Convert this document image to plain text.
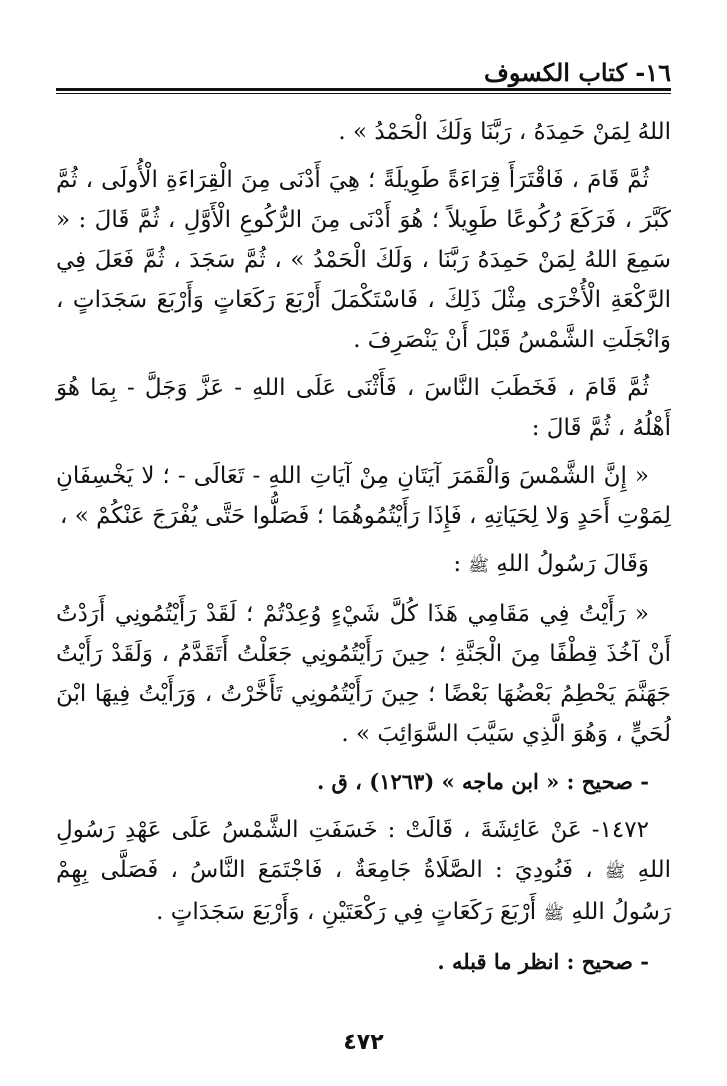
١٦- كتاب الكسوف

اللهُ لِمَنْ حَمِدَهُ ، رَبَّنَا وَلَكَ الْحَمْدُ » .

ثُمَّ قَامَ ، فَاقْتَرَأَ قِرَاءَةً طَوِيلَةً ؛ هِيَ أَدْنَى مِنَ الْقِرَاءَةِ الْأُولَى ، ثُمَّ كَبَّرَ ، فَرَكَعَ رُكُوعًا طَوِيلاً ؛ هُوَ أَدْنَى مِنَ الرُّكُوعِ الْأَوَّلِ ، ثُمَّ قَالَ : « سَمِعَ اللهُ لِمَنْ حَمِدَهُ رَبَّنَا ، وَلَكَ الْحَمْدُ » ، ثُمَّ سَجَدَ ، ثُمَّ فَعَلَ فِي الرَّكْعَةِ الْأُخْرَى مِثْلَ ذَلِكَ ، فَاسْتَكْمَلَ أَرْبَعَ رَكَعَاتٍ وَأَرْبَعَ سَجَدَاتٍ ، وَانْجَلَتِ الشَّمْسُ قَبْلَ أَنْ يَنْصَرِفَ .

ثُمَّ قَامَ ، فَخَطَبَ النَّاسَ ، فَأَثْنَى عَلَى اللهِ - عَزَّ وَجَلَّ - بِمَا هُوَ أَهْلُهُ ، ثُمَّ قَالَ :

« إِنَّ الشَّمْسَ وَالْقَمَرَ آيَتَانِ مِنْ آيَاتِ اللهِ - تَعَالَى - ؛ لا يَخْسِفَانِ لِمَوْتِ أَحَدٍ وَلا لِحَيَاتِهِ ، فَإِذَا رَأَيْتُمُوهُمَا ؛ فَصَلُّوا حَتَّى يُفْرَجَ عَنْكُمْ » ،

وَقَالَ رَسُولُ اللهِ ﷺ :

« رَأَيْتُ فِي مَقَامِي هَذَا كُلَّ شَيْءٍ وُعِدْتُمْ ؛ لَقَدْ رَأَيْتُمُونِي أَرَدْتُ أَنْ آخُذَ قِطْفًا مِنَ الْجَنَّةِ ؛ حِينَ رَأَيْتُمُونِي جَعَلْتُ أَتَقَدَّمُ ، وَلَقَدْ رَأَيْتُ جَهَنَّمَ يَحْطِمُ بَعْضُهَا بَعْضًا ؛ حِينَ رَأَيْتُمُونِي تَأَخَّرْتُ ، وَرَأَيْتُ فِيهَا ابْنَ لُحَيٍّ ، وَهُوَ الَّذِي سَيَّبَ السَّوَائِبَ » .

- صحيح : « ابن ماجه » (١٢٦٣) ، ق .

١٤٧٢- عَنْ عَائِشَةَ ، قَالَتْ : خَسَفَتِ الشَّمْسُ عَلَى عَهْدِ رَسُولِ اللهِ ﷺ ، فَنُودِيَ : الصَّلَاةُ جَامِعَةٌ ، فَاجْتَمَعَ النَّاسُ ، فَصَلَّى بِهِمْ رَسُولُ اللهِ ﷺ أَرْبَعَ رَكَعَاتٍ فِي رَكْعَتَيْنِ ، وَأَرْبَعَ سَجَدَاتٍ .

- صحيح : انظر ما قبله .

٤٧٢
